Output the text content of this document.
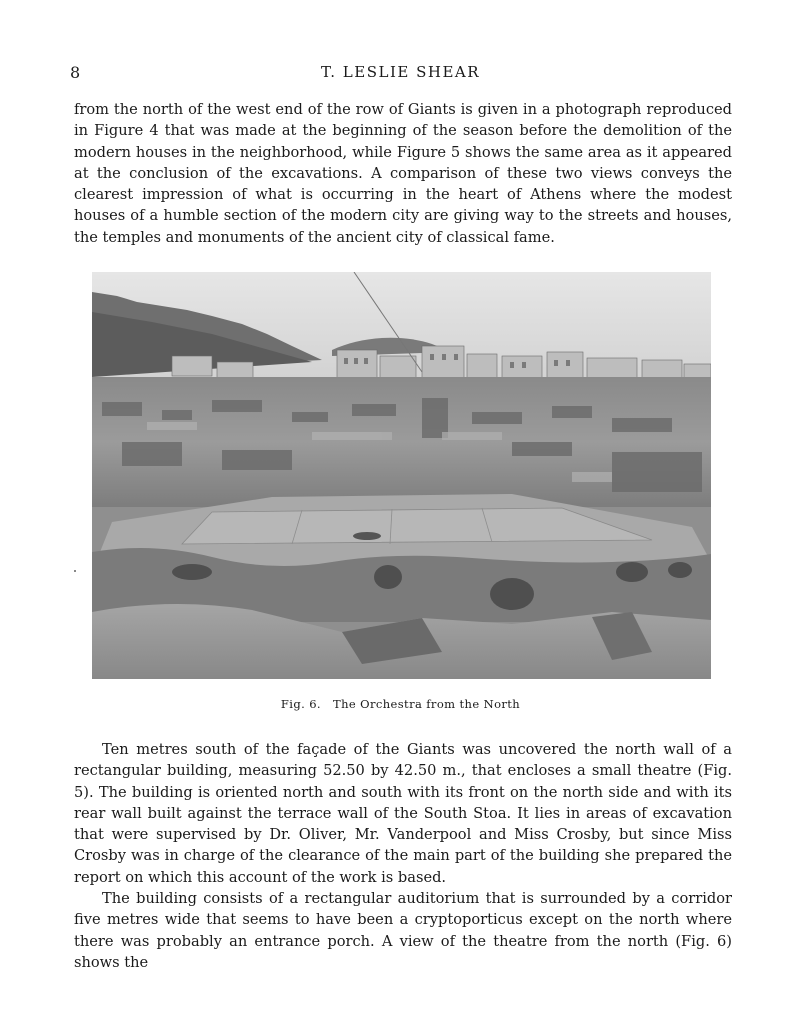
8	T. LESLIE SHEAR

from the north of the west end of the row of Giants is given in a photograph reproduced in Figure 4 that was made at the beginning of the season before the demolition of the modern houses in the neighborhood, while Figure 5 shows the same area as it appeared at the conclusion of the excavations. A comparison of these two views conveys the clearest impression of what is occurring in the heart of Athens where the modest houses of a humble section of the modern city are giving way to the streets and houses, the temples and monuments of the ancient city of classical fame.

Fig. 6. The Orchestra from the North

Ten metres south of the façade of the Giants was uncovered the north wall of a rectangular building, measuring 52.50 by 42.50 m., that encloses a small theatre (Fig. 5). The building is oriented north and south with its front on the north side and with its rear wall built against the terrace wall of the South Stoa. It lies in areas of excavation that were supervised by Dr. Oliver, Mr. Vanderpool and Miss Crosby, but since Miss Crosby was in charge of the clearance of the main part of the building she prepared the report on which this account of the work is based.

The building consists of a rectangular auditorium that is surrounded by a corridor five metres wide that seems to have been a cryptoporticus except on the north where there was probably an entrance porch. A view of the theatre from the north (Fig. 6) shows the
